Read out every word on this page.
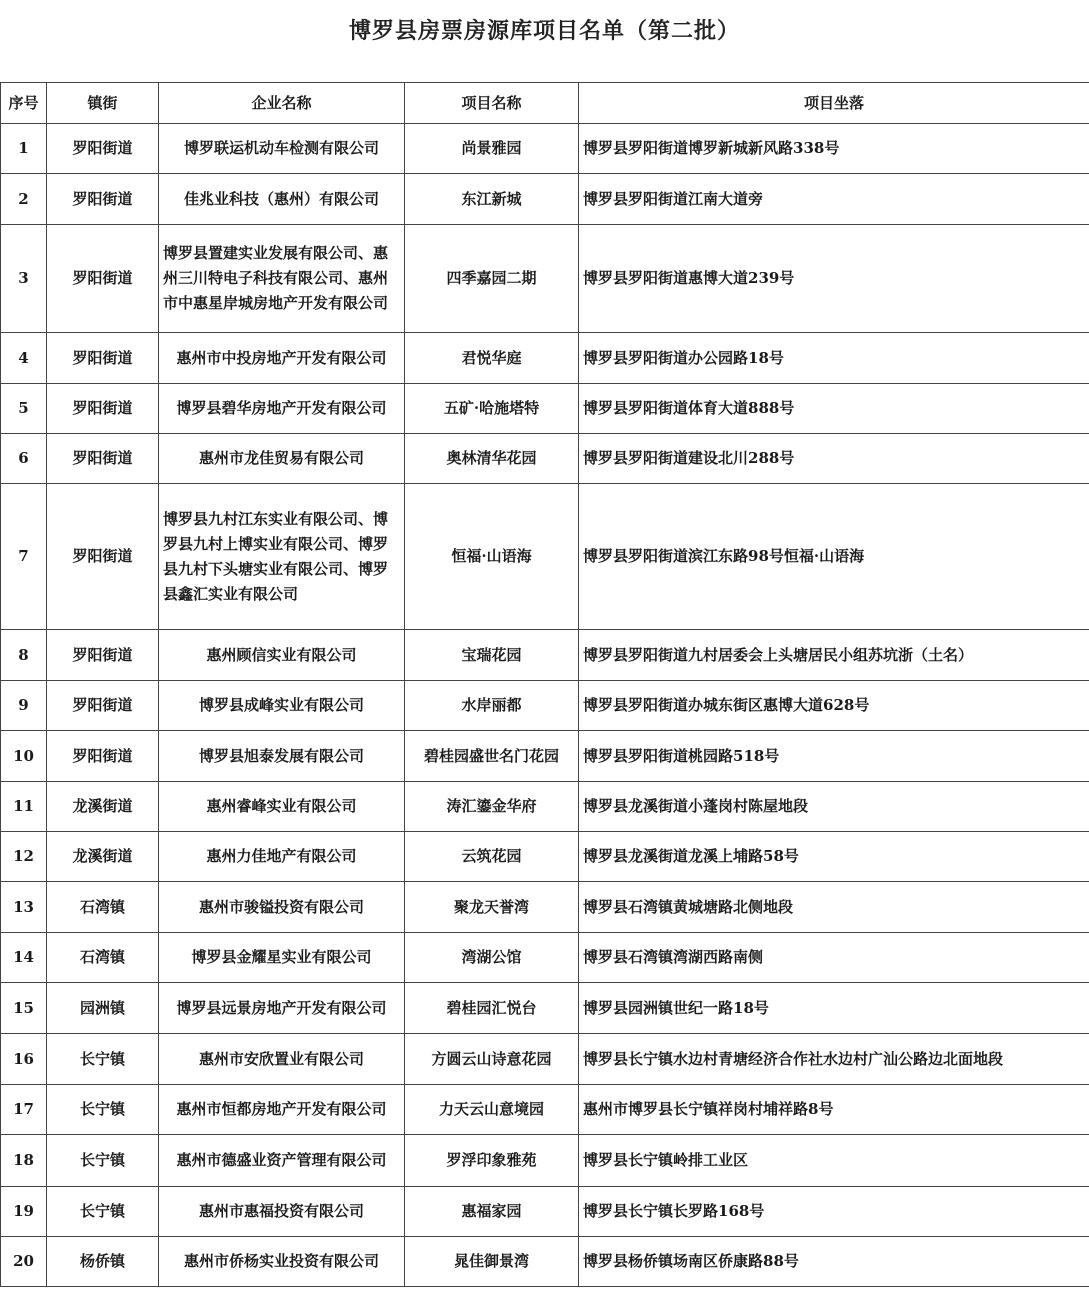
博罗县房票房源库项目名单（第二批）
序号	镇街	企业名称	项目名称	项目坐落
1	罗阳街道	博罗联运机动车检测有限公司	尚景雅园	博罗县罗阳街道博罗新城新风路338号
2	罗阳街道	佳兆业科技（惠州）有限公司	东江新城	博罗县罗阳街道江南大道旁
3	罗阳街道	博罗县置建实业发展有限公司、惠州三川特电子科技有限公司、惠州市中惠星岸城房地产开发有限公司	四季嘉园二期	博罗县罗阳街道惠博大道239号
4	罗阳街道	惠州市中投房地产开发有限公司	君悦华庭	博罗县罗阳街道办公园路18号
5	罗阳街道	博罗县碧华房地产开发有限公司	五矿·哈施塔特	博罗县罗阳街道体育大道888号
6	罗阳街道	惠州市龙佳贸易有限公司	奥林清华花园	博罗县罗阳街道建设北川288号
7	罗阳街道	博罗县九村江东实业有限公司、博罗县九村上博实业有限公司、博罗县九村下头塘实业有限公司、博罗县鑫汇实业有限公司	恒福·山语海	博罗县罗阳街道滨江东路98号恒福·山语海
8	罗阳街道	惠州顾信实业有限公司	宝瑞花园	博罗县罗阳街道九村居委会上头塘居民小组苏坑浙（土名）
9	罗阳街道	博罗县成峰实业有限公司	水岸丽都	博罗县罗阳街道办城东街区惠博大道628号
10	罗阳街道	博罗县旭泰发展有限公司	碧桂园盛世名门花园	博罗县罗阳街道桃园路518号
11	龙溪街道	惠州睿峰实业有限公司	涛汇鎏金华府	博罗县龙溪街道小蓬岗村陈屋地段
12	龙溪街道	惠州力佳地产有限公司	云筑花园	博罗县龙溪街道龙溪上埔路58号
13	石湾镇	惠州市骏镒投资有限公司	聚龙天誉湾	博罗县石湾镇黄城塘路北侧地段
14	石湾镇	博罗县金耀星实业有限公司	湾湖公馆	博罗县石湾镇湾湖西路南侧
15	园洲镇	博罗县远景房地产开发有限公司	碧桂园汇悦台	博罗县园洲镇世纪一路18号
16	长宁镇	惠州市安欣置业有限公司	方圆云山诗意花园	博罗县长宁镇水边村青塘经济合作社水边村广汕公路边北面地段
17	长宁镇	惠州市恒都房地产开发有限公司	力天云山意境园	惠州市博罗县长宁镇祥岗村埔祥路8号
18	长宁镇	惠州市德盛业资产管理有限公司	罗浮印象雅苑	博罗县长宁镇岭排工业区
19	长宁镇	惠州市惠福投资有限公司	惠福家园	博罗县长宁镇长罗路168号
20	杨侨镇	惠州市侨杨实业投资有限公司	晁佳御景湾	博罗县杨侨镇场南区侨康路88号
